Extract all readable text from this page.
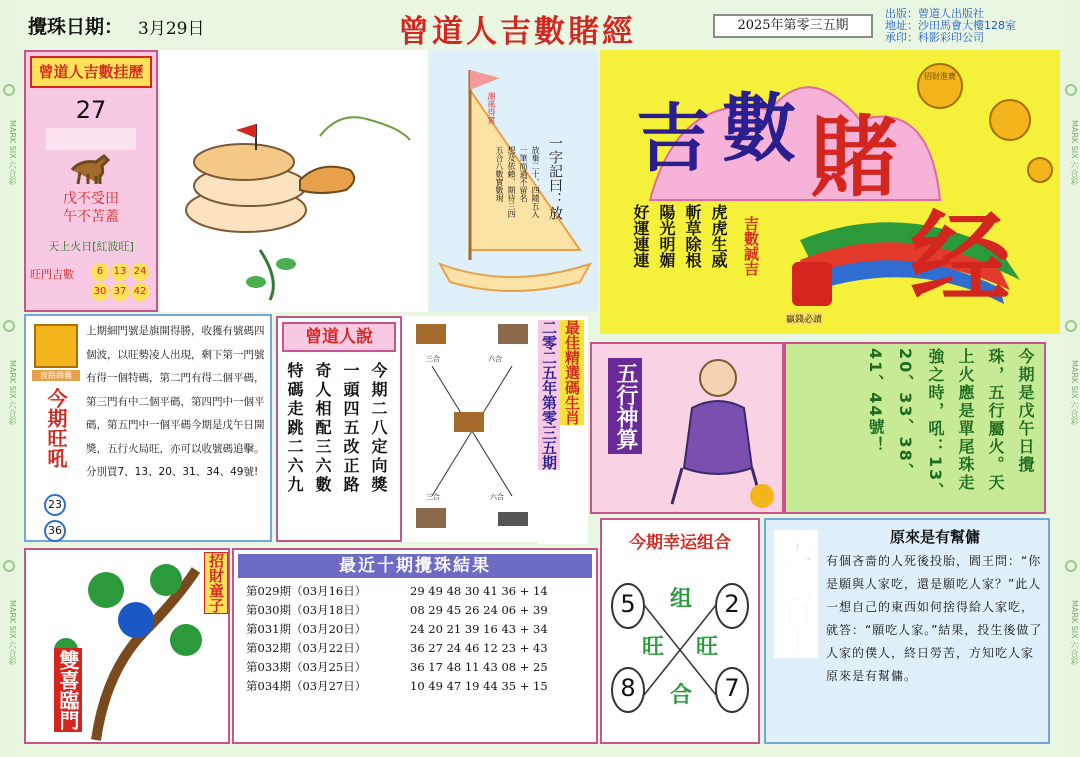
MARK SIX 六合彩
MARK SIX 六合彩
MARK SIX 六合彩
MARK SIX 六合彩
MARK SIX 六合彩
MARK SIX 六合彩
攪珠日期： 3月29日	曾道人吉數賭經	2025年第零三五期
出版：曾道人出版社
地址：沙田馬會大樓128室
承印：科影彩印公司
曾道人吉數挂歷
27
戊不受田
午不苫蓋
天上火日[紅波旺]
旺門吉數	6 13 2430 37 42
潮風得實
一字記曰：放
放棄二十、四隨五入
一筆而過不留名
想及依賴、期待三四
五合八數實數現
招財進寶
吉 數 賭
经
虎虎生威
斬草除根
陽光明媚
好運連連	吉數誠吉
贏錢必讀
波路錦囊
今期旺吼
23
36
上期細門號是旗開得勝，收獲有號碼四個波，以旺勢凌人出現，剩下第一門號有得一個特碼，第二門有得二個平碼，第三門有中二個平碼，第四門中一個平碼，第五門中一個平碼今期是戊午日開獎，五行火局旺，亦可以收號碼追擊。分別買7、13、20、31、34、49號!
曾道人說
今期二八定向獎
一頭四五改正路
奇人相配三六數
特碼走跳二六九
三合	六合
三合	六合
最佳精選碼生肖
二零二五年第零三五期	五行神算	今期是戊午日攪珠，五行屬火。天上火應是單尾珠走強之時，吼：13、20、33、38、41、44號！
雙喜臨門
招財童子	最近十期攪珠結果
第029期（03月16日）	29 49 48 30 41 36 + 14
第030期（03月18日）	08 29 45 26 24 06 + 39
第031期（03月20日）	24 20 21 39 16 43 + 34
第032期（03月22日）	36 27 24 46 12 23 + 43
第033期（03月25日）	36 17 48 11 43 08 + 25
第034期（03月27日）	10 49 47 19 44 35 + 15
今期幸运组合
5	2
8	7
组
旺 旺
合
笑話百出	原來是有幫傭
有個吝嗇的人死後投胎，閻王問：“你是願與人家吃，還是願吃人家？”此人一想自己的東西如何捨得給人家吃，就答：“願吃人家。”結果，投生後做了人家的僕人，終日勞苦，方知吃人家原來是有幫傭。
